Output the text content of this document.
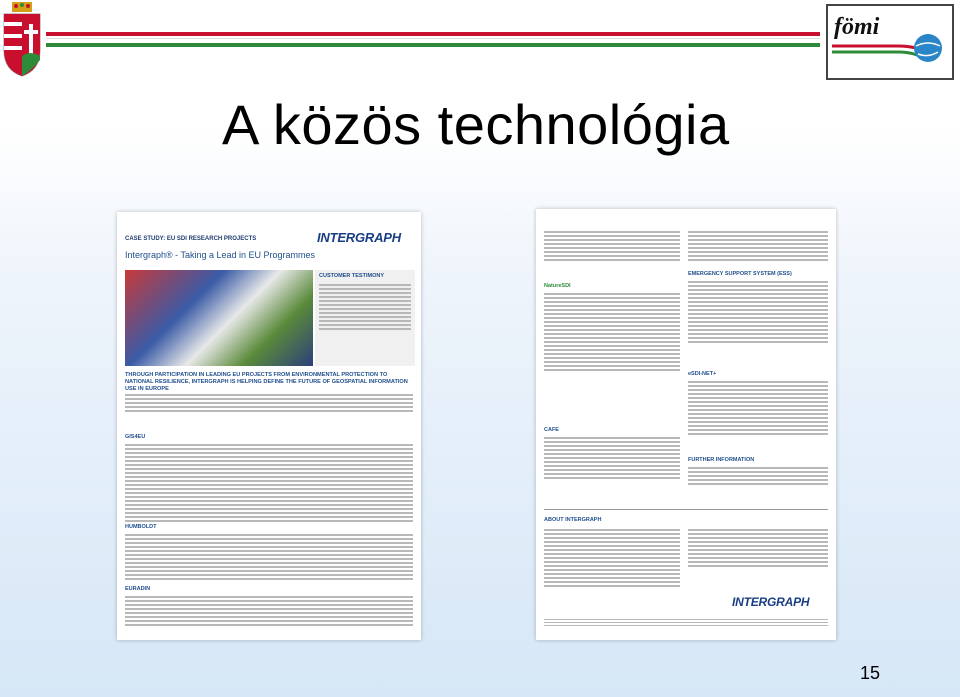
fömi
A közös technológia
CASE STUDY: EU SDI RESEARCH PROJECTS	INTERGRAPH
Intergraph® - Taking a Lead in EU Programmes
CUSTOMER TESTIMONY
THROUGH PARTICIPATION IN LEADING EU PROJECTS FROM ENVIRONMENTAL PROTECTION TO NATIONAL RESILIENCE, INTERGRAPH IS HELPING DEFINE THE FUTURE OF GEOSPATIAL INFORMATION USE IN EUROPE
GIS4EU
HUMBOLDT
EURADIN
NatureSDI
CAFE
EMERGENCY SUPPORT SYSTEM (ESS)
eSDI-NET+
FURTHER INFORMATION
ABOUT INTERGRAPH
INTERGRAPH
15
